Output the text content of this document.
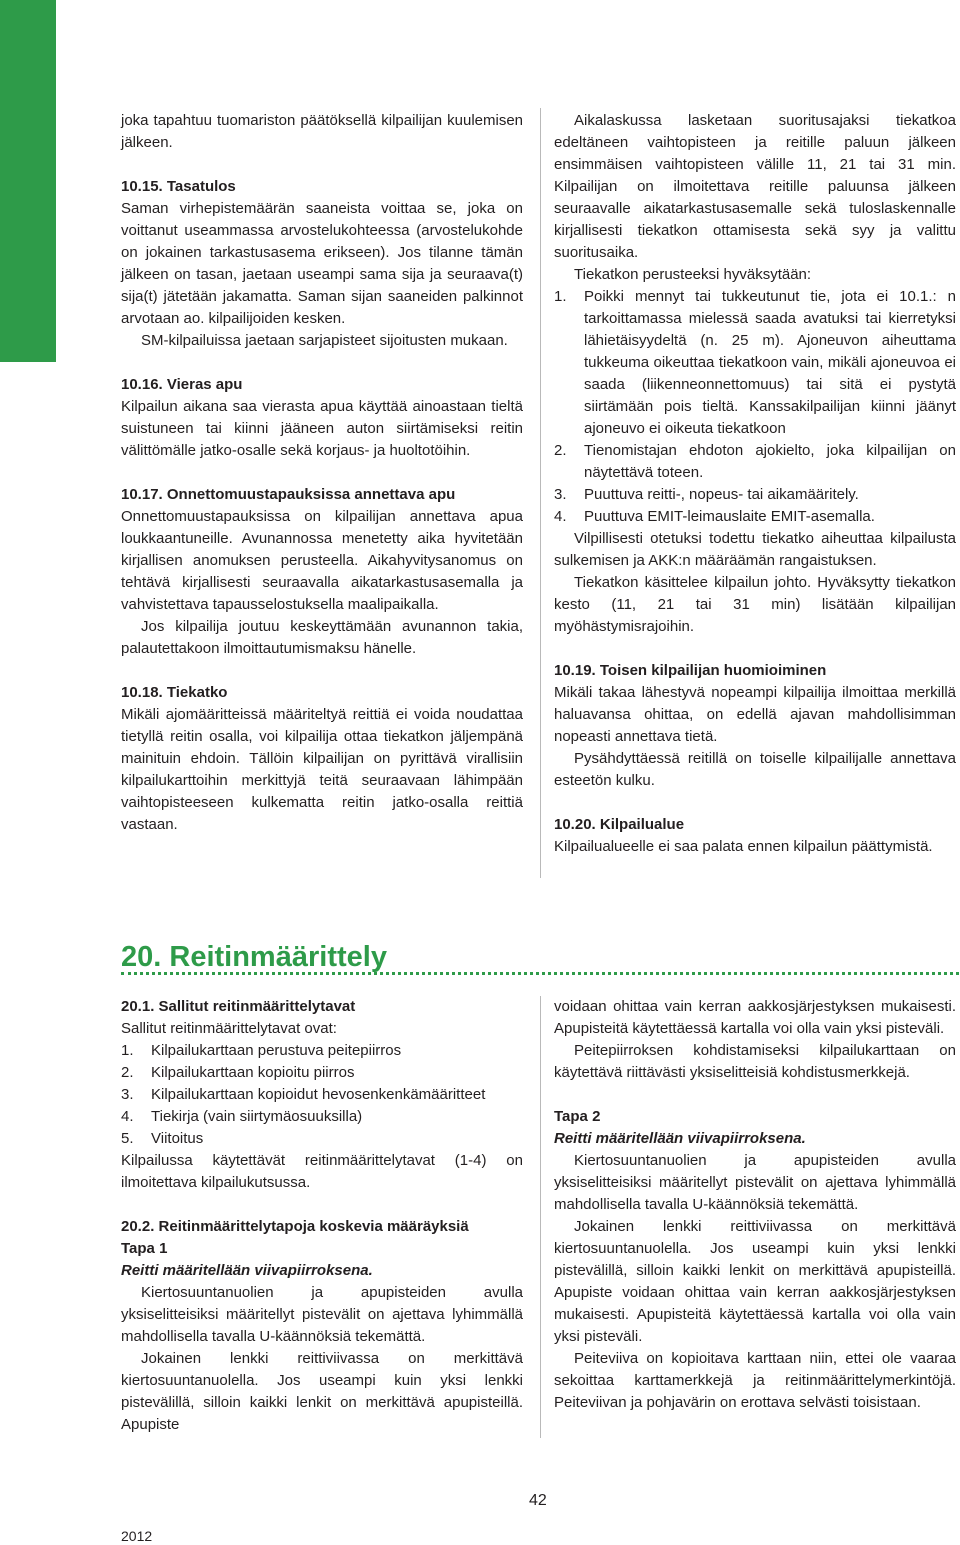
joka tapahtuu tuomariston päätöksellä kilpailijan kuulemisen jälkeen.

10.15. Tasatulos

Saman virhepistemäärän saaneista voittaa se, joka on voittanut useammassa arvostelukohteessa (arvostelukohde on jokainen tarkastusasema erikseen). Jos tilanne tämän jälkeen on tasan, jaetaan useampi sama sija ja seuraava(t) sija(t) jätetään jakamatta. Saman sijan saaneiden palkinnot arvotaan ao. kilpailijoiden kesken.

SM-kilpailuissa jaetaan sarjapisteet sijoitusten mukaan.

10.16. Vieras apu

Kilpailun aikana saa vierasta apua käyttää ainoastaan tieltä suistuneen tai kiinni jääneen auton siirtämiseksi reitin välittömälle jatko-osalle sekä korjaus- ja huoltotöihin.

10.17. Onnettomuustapauksissa annettava apu

Onnettomuustapauksissa on kilpailijan annettava apua loukkaantuneille. Avunannossa menetetty aika hyvitetään kirjallisen anomuksen perusteella. Aikahyvitysanomus on tehtävä kirjallisesti seuraavalla aikatarkastusasemalla ja vahvistettava tapausselostuksella maalipaikalla.

Jos kilpailija joutuu keskeyttämään avunannon takia, palautettakoon ilmoittautumismaksu hänelle.

10.18. Tiekatko

Mikäli ajomääritteissä määriteltyä reittiä ei voida noudattaa tietyllä reitin osalla, voi kilpailija ottaa tiekatkon jäljempänä mainituin ehdoin. Tällöin kilpailijan on pyrittävä virallisiin kilpailukarttoihin merkittyjä teitä seuraavaan lähimpään vaihtopisteeseen kulkematta reitin jatko-osalla reittiä vastaan.

Aikalaskussa lasketaan suoritusajaksi tiekatkoa edeltäneen vaihtopisteen ja reitille paluun jälkeen ensimmäisen vaihtopisteen välille 11, 21 tai 31 min. Kilpailijan on ilmoitettava reitille paluunsa jälkeen seuraavalle aikatarkastusasemalle sekä tuloslaskennalle kirjallisesti tiekatkon ottamisesta sekä syy ja valittu suoritusaika.

Tiekatkon perusteeksi hyväksytään:

1.	Poikki mennyt tai tukkeutunut tie, jota ei 10.1.: n tarkoittamassa mielessä saada avatuksi tai kierretyksi lähietäisyydeltä (n. 25 m). Ajoneuvon aiheuttama tukkeuma oikeuttaa tiekatkoon vain, mikäli ajoneuvoa ei saada (liikenneonnettomuus) tai sitä ei pystytä siirtämään pois tieltä. Kanssakilpailijan kiinni jäänyt ajoneuvo ei oikeuta tiekatkoon
2.	Tienomistajan ehdoton ajokielto, joka kilpailijan on näytettävä toteen.
3.	Puuttuva reitti-, nopeus- tai aikamääritely.
4.	Puuttuva EMIT-leimauslaite EMIT-asemalla.

Vilpillisesti otetuksi todettu tiekatko aiheuttaa kilpailusta sulkemisen ja AKK:n määräämän rangaistuksen.

Tiekatkon käsittelee kilpailun johto. Hyväksytty tiekatkon kesto (11, 21 tai 31 min) lisätään kilpailijan myöhästymisrajoihin.

10.19. Toisen kilpailijan huomioiminen

Mikäli takaa lähestyvä nopeampi kilpailija ilmoittaa merkillä haluavansa ohittaa, on edellä ajavan mahdollisimman nopeasti annettava tietä.

Pysähdyttäessä reitillä on toiselle kilpailijalle annettava esteetön kulku.

10.20. Kilpailualue

Kilpailualueelle ei saa palata ennen kilpailun päättymistä.

20. Reitinmäärittely

20.1. Sallitut reitinmäärittelytavat

Sallitut reitinmäärittelytavat ovat:

1.	Kilpailukarttaan perustuva peitepiirros
2.	Kilpailukarttaan kopioitu piirros
3.	Kilpailukarttaan kopioidut hevosenkenkämääritteet
4.	Tiekirja (vain siirtymäosuuksilla)
5.	Viitoitus

Kilpailussa käytettävät reitinmäärittelytavat (1-4) on ilmoitettava kilpailukutsussa.

20.2. Reitinmäärittelytapoja koskevia määräyksiä

Tapa 1

Reitti määritellään viivapiirroksena.

Kiertosuuntanuolien ja apupisteiden avulla yksiselitteisiksi määritellyt pistevälit on ajettava lyhimmällä mahdollisella tavalla U-käännöksiä tekemättä.

Jokainen lenkki reittiviivassa on merkittävä kiertosuuntanuolella. Jos useampi kuin yksi lenkki pistevälillä, silloin kaikki lenkit on merkittävä apupisteillä. Apupiste

voidaan ohittaa vain kerran aakkosjärjestyksen mukaisesti. Apupisteitä käytettäessä kartalla voi olla vain yksi pisteväli.

Peitepiirroksen kohdistamiseksi kilpailukarttaan on käytettävä riittävästi yksiselitteisiä kohdistusmerkkejä.

Tapa 2

Reitti määritellään viivapiirroksena.

Kiertosuuntanuolien ja apupisteiden avulla yksiselitteisiksi määritellyt pistevälit on ajettava lyhimmällä mahdollisella tavalla U-käännöksiä tekemättä.

Jokainen lenkki reittiviivassa on merkittävä kiertosuuntanuolella. Jos useampi kuin yksi lenkki pistevälillä, silloin kaikki lenkit on merkittävä apupisteillä. Apupiste voidaan ohittaa vain kerran aakkosjärjestyksen mukaisesti. Apupisteitä käytettäessä kartalla voi olla vain yksi pisteväli.

Peiteviiva on kopioitava karttaan niin, ettei ole vaaraa sekoittaa karttamerkkejä ja reitinmäärittelymerkintöjä. Peiteviivan ja pohjavärin on erottava selvästi toisistaan.

42
2012
